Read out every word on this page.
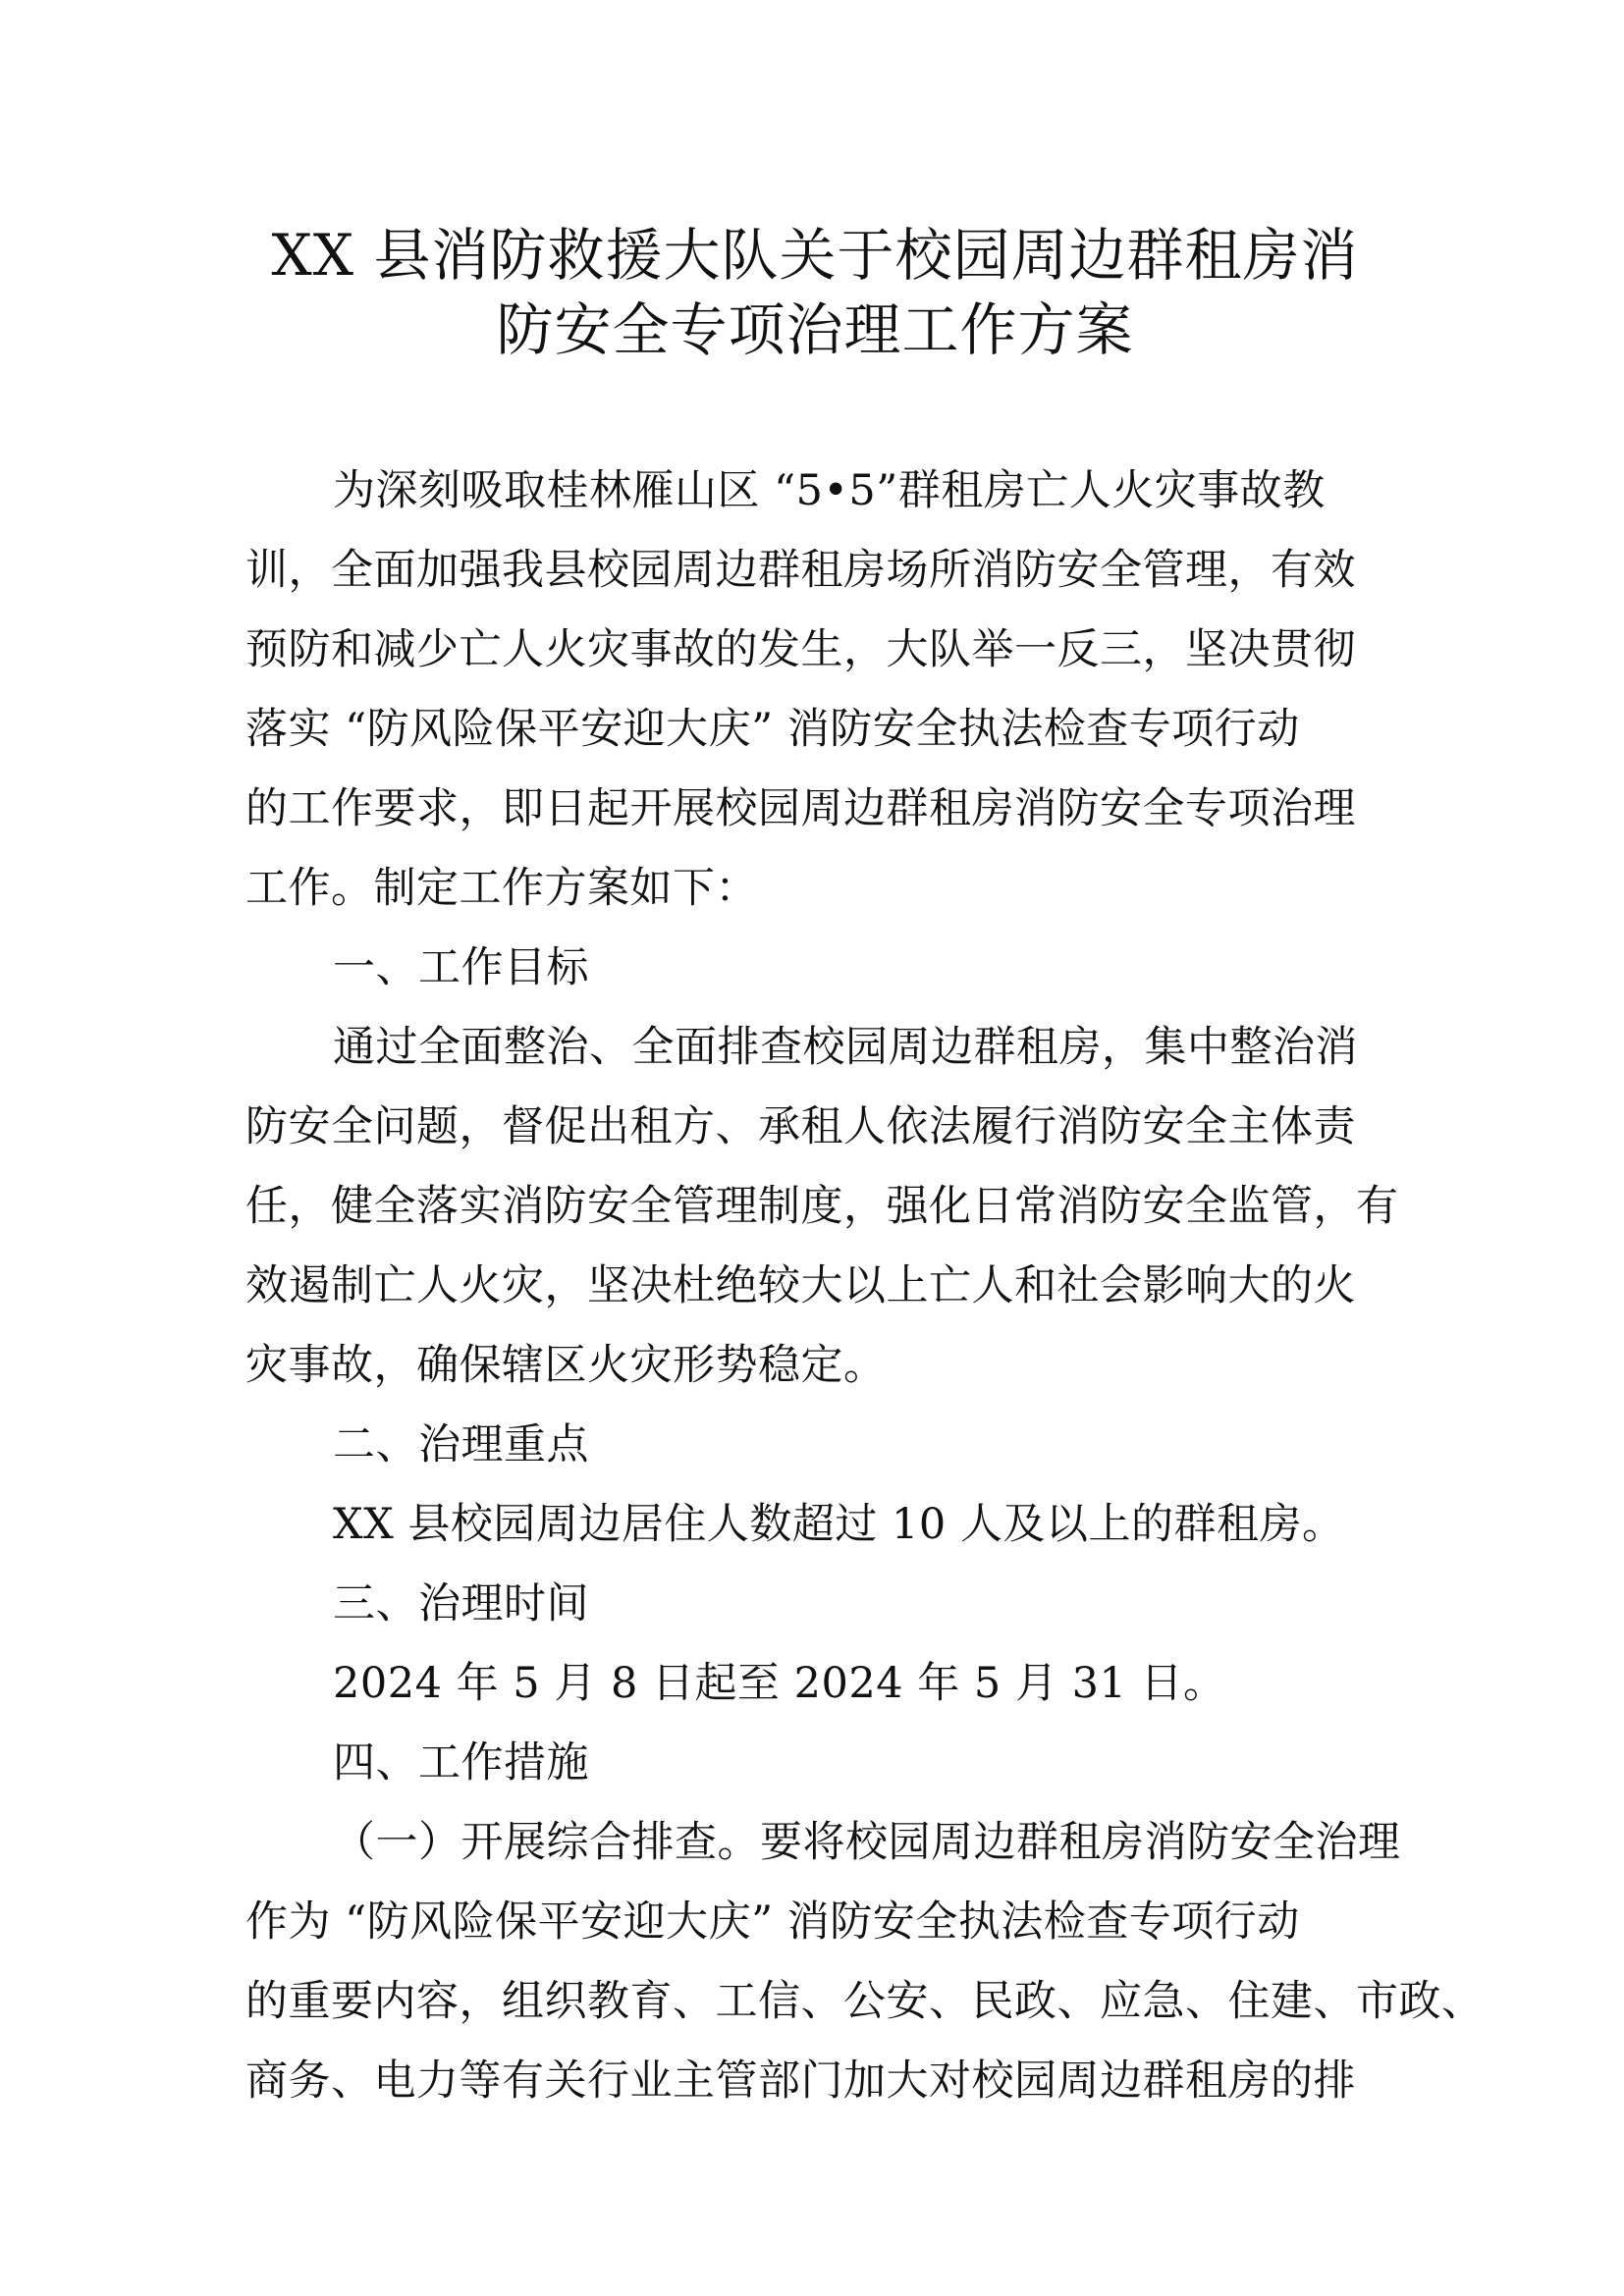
XX 县消防救援大队关于校园周边群租房消
防安全专项治理工作方案
为深刻吸取桂林雁山区 “5•5”群租房亡人火灾事故教
训，全面加强我县校园周边群租房场所消防安全管理，有效
预防和减少亡人火灾事故的发生，大队举一反三，坚决贯彻
落实 “防风险保平安迎大庆” 消防安全执法检查专项行动
的工作要求，即日起开展校园周边群租房消防安全专项治理
工作。制定工作方案如下：
一、工作目标
通过全面整治、全面排查校园周边群租房，集中整治消
防安全问题，督促出租方、承租人依法履行消防安全主体责
任，健全落实消防安全管理制度，强化日常消防安全监管，有
效遏制亡人火灾，坚决杜绝较大以上亡人和社会影响大的火
灾事故，确保辖区火灾形势稳定。
二、治理重点
XX 县校园周边居住人数超过 10 人及以上的群租房。
三、治理时间
2024 年 5 月 8 日起至 2024 年 5 月 31 日。
四、工作措施
（一）开展综合排查。要将校园周边群租房消防安全治理
作为 “防风险保平安迎大庆” 消防安全执法检查专项行动
的重要内容，组织教育、工信、公安、民政、应急、住建、市政、
商务、电力等有关行业主管部门加大对校园周边群租房的排
